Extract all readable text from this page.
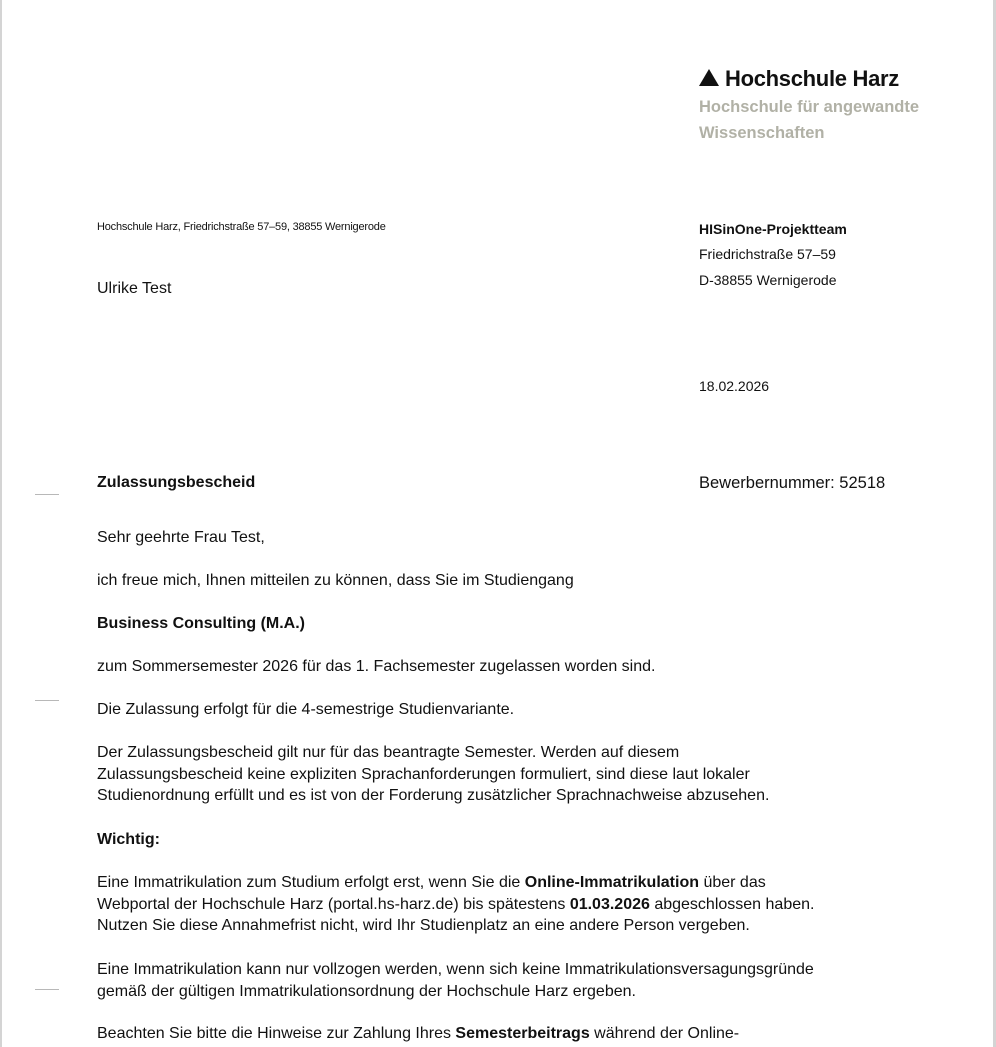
Hochschule Harz
Hochschule für angewandte
Wissenschaften
Hochschule Harz, Friedrichstraße 57–59, 38855 Wernigerode
Ulrike Test
HISinOne-Projektteam
Friedrichstraße 57–59
D-38855 Wernigerode
18.02.2026
Zulassungsbescheid	Bewerbernummer: 52518
Sehr geehrte Frau Test,
ich freue mich, Ihnen mitteilen zu können, dass Sie im Studiengang
Business Consulting (M.A.)
zum Sommersemester 2026 für das 1. Fachsemester zugelassen worden sind.
Die Zulassung erfolgt für die 4-semestrige Studienvariante.
Der Zulassungsbescheid gilt nur für das beantragte Semester. Werden auf diesem
Zulassungsbescheid keine expliziten Sprachanforderungen formuliert, sind diese laut lokaler
Studienordnung erfüllt und es ist von der Forderung zusätzlicher Sprachnachweise abzusehen.
Wichtig:
Eine Immatrikulation zum Studium erfolgt erst, wenn Sie die Online-Immatrikulation über das
Webportal der Hochschule Harz (portal.hs-harz.de) bis spätestens 01.03.2026 abgeschlossen haben.
Nutzen Sie diese Annahmefrist nicht, wird Ihr Studienplatz an eine andere Person vergeben.
Eine Immatrikulation kann nur vollzogen werden, wenn sich keine Immatrikulationsversagungsgründe
gemäß der gültigen Immatrikulationsordnung der Hochschule Harz ergeben.
Beachten Sie bitte die Hinweise zur Zahlung Ihres Semesterbeitrags während der Online-
